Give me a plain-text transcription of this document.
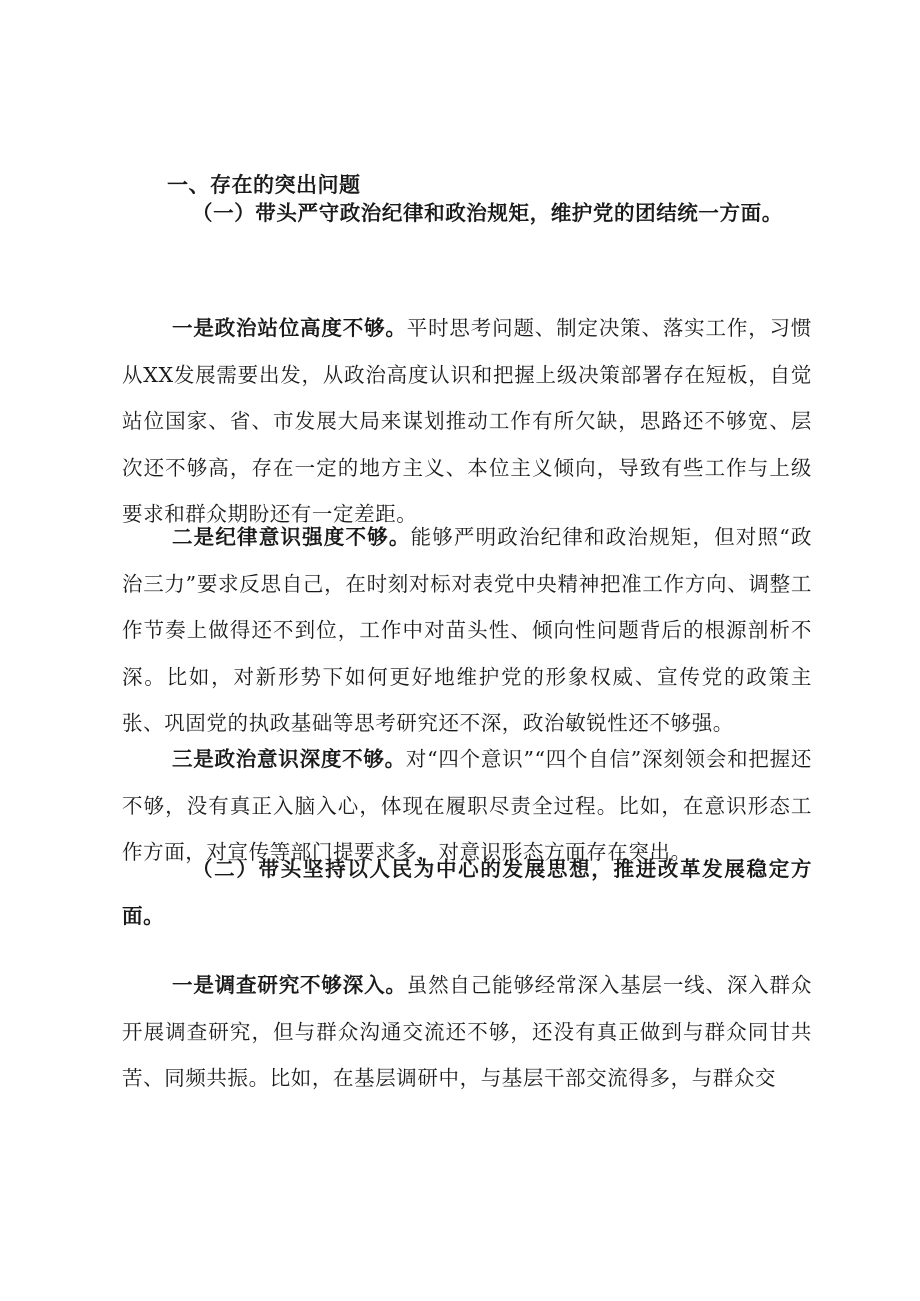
一、存在的突出问题
（一）带头严守政治纪律和政治规矩，维护党的团结统一方面。
一是政治站位高度不够。平时思考问题、制定决策、落实工作，习惯从XX发展需要出发，从政治高度认识和把握上级决策部署存在短板，自觉站位国家、省、市发展大局来谋划推动工作有所欠缺，思路还不够宽、层次还不够高，存在一定的地方主义、本位主义倾向，导致有些工作与上级要求和群众期盼还有一定差距。
二是纪律意识强度不够。能够严明政治纪律和政治规矩，但对照“政治三力”要求反思自己，在时刻对标对表党中央精神把准工作方向、调整工作节奏上做得还不到位，工作中对苗头性、倾向性问题背后的根源剖析不深。比如，对新形势下如何更好地维护党的形象权威、宣传党的政策主张、巩固党的执政基础等思考研究还不深，政治敏锐性还不够强。
三是政治意识深度不够。对“四个意识”“四个自信”深刻领会和把握还不够，没有真正入脑入心，体现在履职尽责全过程。比如，在意识形态工作方面，对宣传等部门提要求多，对意识形态方面存在突出。
（二）带头坚持以人民为中心的发展思想，推进改革发展稳定方面。
一是调查研究不够深入。虽然自己能够经常深入基层一线、深入群众开展调查研究，但与群众沟通交流还不够，还没有真正做到与群众同甘共苦、同频共振。比如，在基层调研中，与基层干部交流得多，与群众交
